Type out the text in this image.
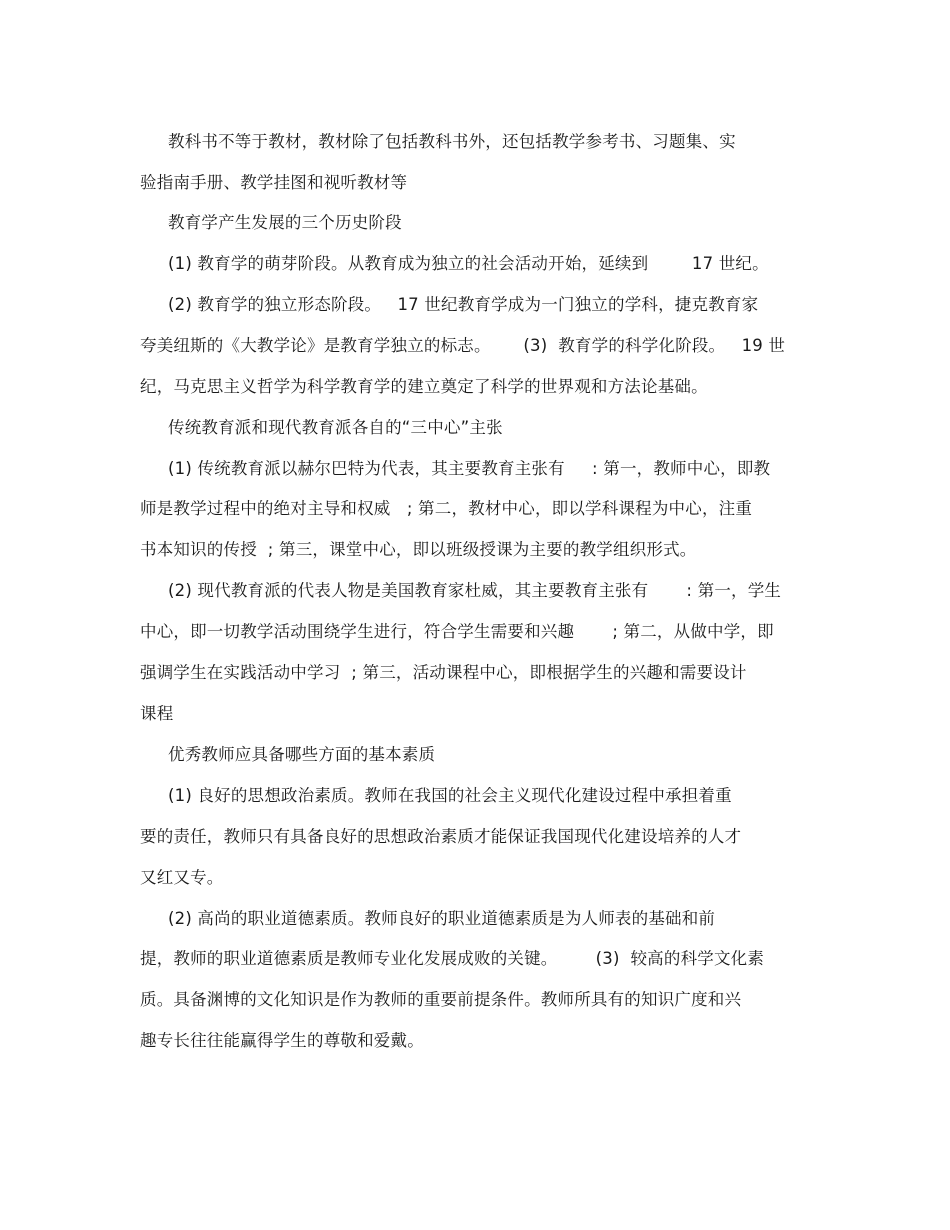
教科书不等于教材，教材除了包括教科书外，还包括教学参考书、习题集、实
验指南手册、教学挂图和视听教材等
教育学产生发展的三个历史阶段
(1) 教育学的萌芽阶段。从教育成为独立的社会活动开始，延续到        17 世纪。
(2) 教育学的独立形态阶段。   17 世纪教育学成为一门独立的学科，捷克教育家
夸美纽斯的《大教学论》是教育学独立的标志。      (3)  教育学的科学化阶段。   19 世
纪，马克思主义哲学为科学教育学的建立奠定了科学的世界观和方法论基础。
传统教育派和现代教育派各自的“三中心”主张
(1) 传统教育派以赫尔巴特为代表，其主要教育主张有     : 第一，教师中心，即教
师是教学过程中的绝对主导和权威   ; 第二，教材中心，即以学科课程为中心，注重
书本知识的传授  ; 第三，课堂中心，即以班级授课为主要的教学组织形式。
(2) 现代教育派的代表人物是美国教育家杜威，其主要教育主张有       : 第一，学生
中心，即一切教学活动围绕学生进行，符合学生需要和兴趣       ; 第二，从做中学，即
强调学生在实践活动中学习  ; 第三，活动课程中心，即根据学生的兴趣和需要设计
课程
优秀教师应具备哪些方面的基本素质
(1) 良好的思想政治素质。教师在我国的社会主义现代化建设过程中承担着重
要的责任，教师只有具备良好的思想政治素质才能保证我国现代化建设培养的人才
又红又专。
(2) 高尚的职业道德素质。教师良好的职业道德素质是为人师表的基础和前
提，教师的职业道德素质是教师专业化发展成败的关键。       (3)  较高的科学文化素
质。具备渊博的文化知识是作为教师的重要前提条件。教师所具有的知识广度和兴
趣专长往往能赢得学生的尊敬和爱戴。
